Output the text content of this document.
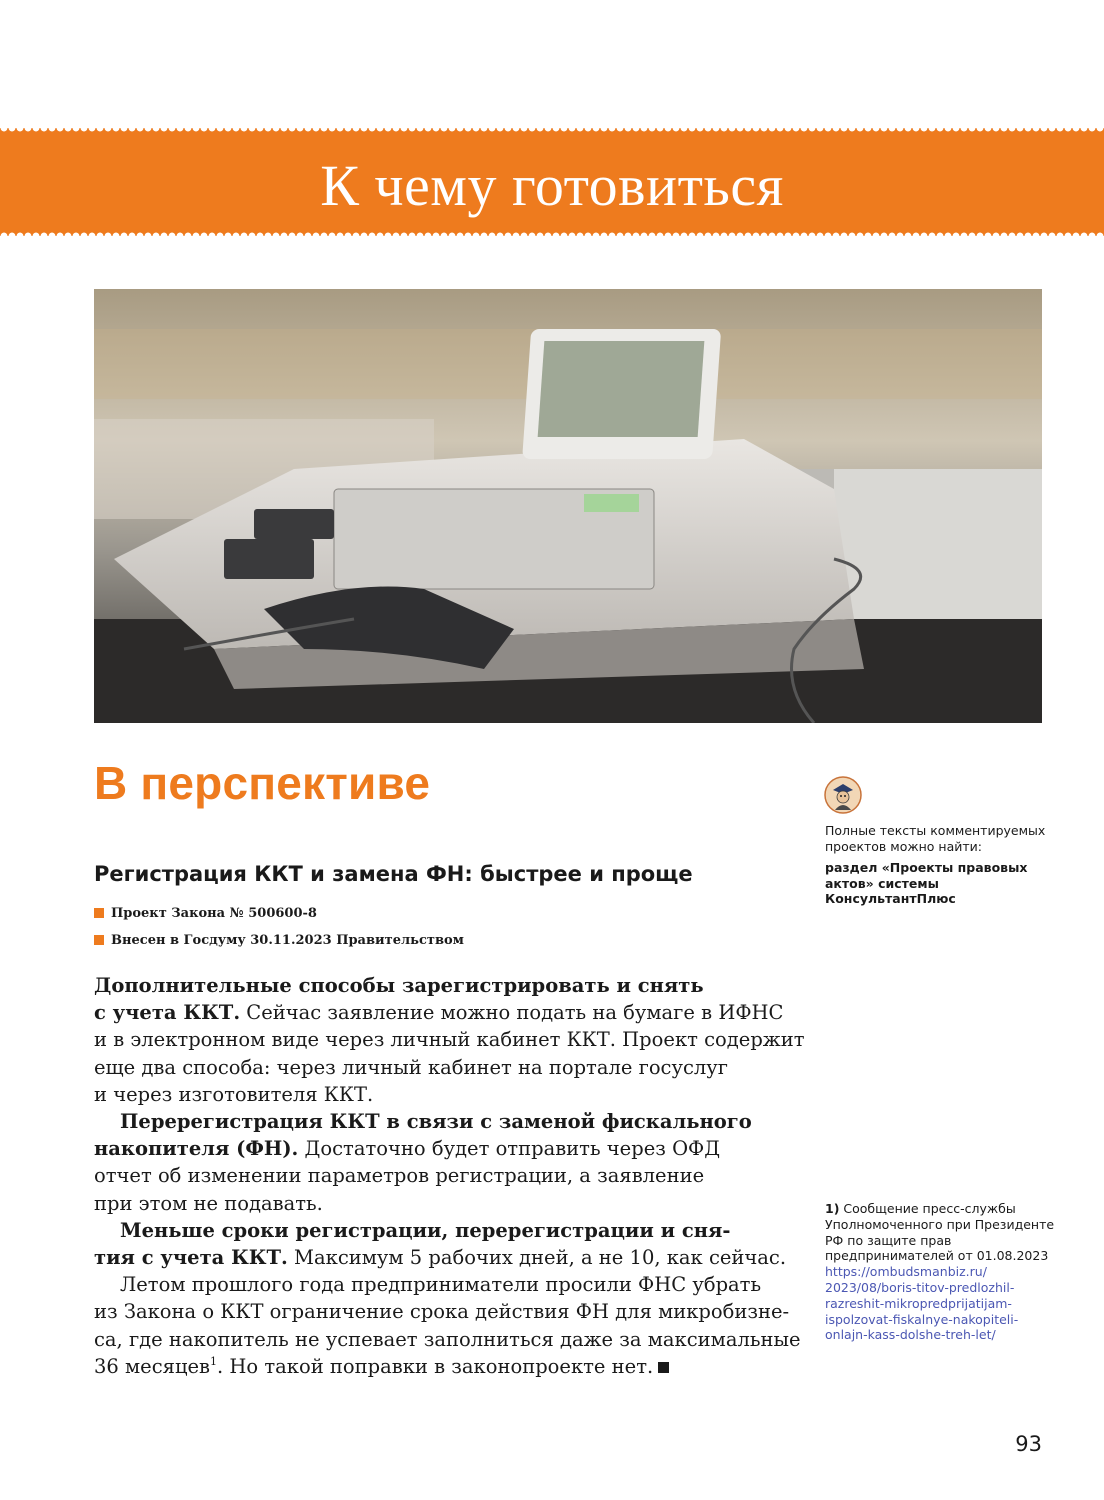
К чему готовиться
В перспективе
Регистрация ККТ и замена ФН: быстрее и проще
Проект Закона № 500600-8
Внесен в Госдуму 30.11.2023 Правительством
Дополнительные способы зарегистрировать и снять
с учета ККТ. Сейчас заявление можно подать на бумаге в ИФНС
и в электронном виде через личный кабинет ККТ. Проект содержит
еще два способа: через личный кабинет на портале госуслуг
и через изготовителя ККТ.
Перерегистрация ККТ в связи с заменой фискального
накопителя (ФН). Достаточно будет отправить через ОФД
отчет об изменении параметров регистрации, а заявление
при этом не подавать.
Меньше сроки регистрации, перерегистрации и сня-
тия с учета ККТ. Максимум 5 рабочих дней, а не 10, как сейчас.
Летом прошлого года предприниматели просили ФНС убрать
из Закона о ККТ ограничение срока действия ФН для микробизне-
са, где накопитель не успевает заполниться даже за максимальные
36 месяцев$^1$. Но такой поправки в законопроекте нет.
Полные тексты комментируемых проектов можно найти:
раздел «Проекты правовых актов» системы КонсультантПлюс
1) Сообщение пресс-службы Уполномоченного при Президенте РФ по защите прав предпринимателей от 01.08.2023
https://ombudsmanbiz.ru/
2023/08/boris-titov-predlozhil-
razreshit-mikropredprijatijam-
ispolzovat-fiskalnye-nakopiteli-
onlajn-kass-dolshe-treh-let/
93
